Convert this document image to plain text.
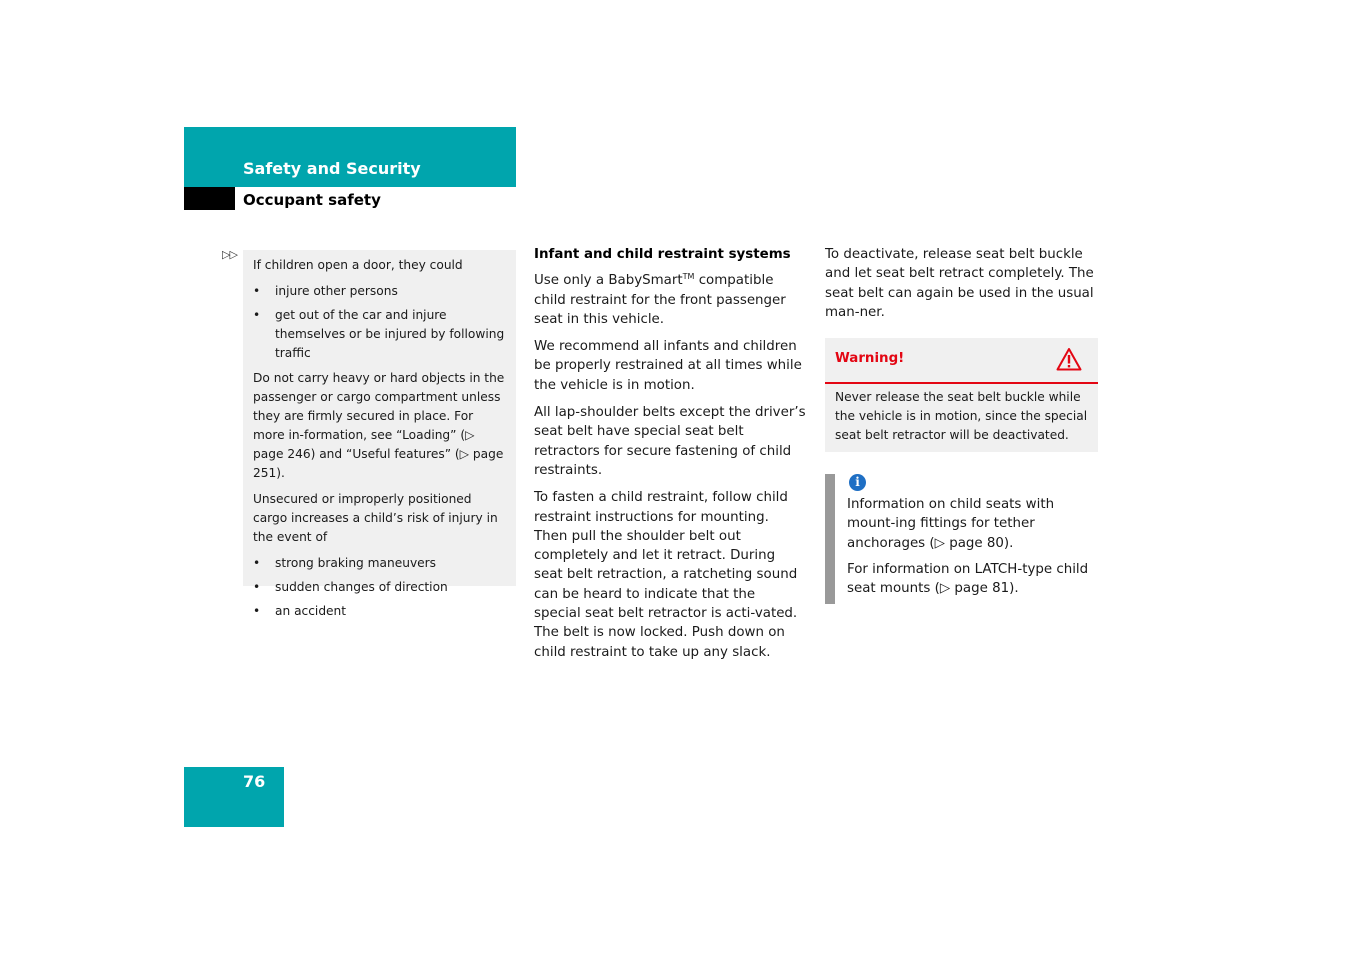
Safety and Security
Occupant safety
▷▷

If children open a door, they could

• injure other persons
• get out of the car and injure themselves or be injured by following traffic

Do not carry heavy or hard objects in the passenger or cargo compartment unless they are firmly secured in place. For more in-formation, see “Loading” (▷ page 246) and “Useful features” (▷ page 251).

Unsecured or improperly positioned cargo increases a child’s risk of injury in the event of

• strong braking maneuvers
• sudden changes of direction
• an accident
Infant and child restraint systems

Use only a BabySmart™ compatible child restraint for the front passenger seat in this vehicle.

We recommend all infants and children be properly restrained at all times while the vehicle is in motion.

All lap-shoulder belts except the driver’s seat belt have special seat belt retractors for secure fastening of child restraints.

To fasten a child restraint, follow child restraint instructions for mounting. Then pull the shoulder belt out completely and let it retract. During seat belt retraction, a ratcheting sound can be heard to indicate that the special seat belt retractor is acti-vated. The belt is now locked. Push down on child restraint to take up any slack.

To deactivate, release seat belt buckle and let seat belt retract completely. The seat belt can again be used in the usual man-ner.

Warning!
Never release the seat belt buckle while the vehicle is in motion, since the special seat belt retractor will be deactivated.
i

Information on child seats with mount-ing fittings for tether anchorages (▷ page 80).

For information on LATCH-type child seat mounts (▷ page 81).

76
